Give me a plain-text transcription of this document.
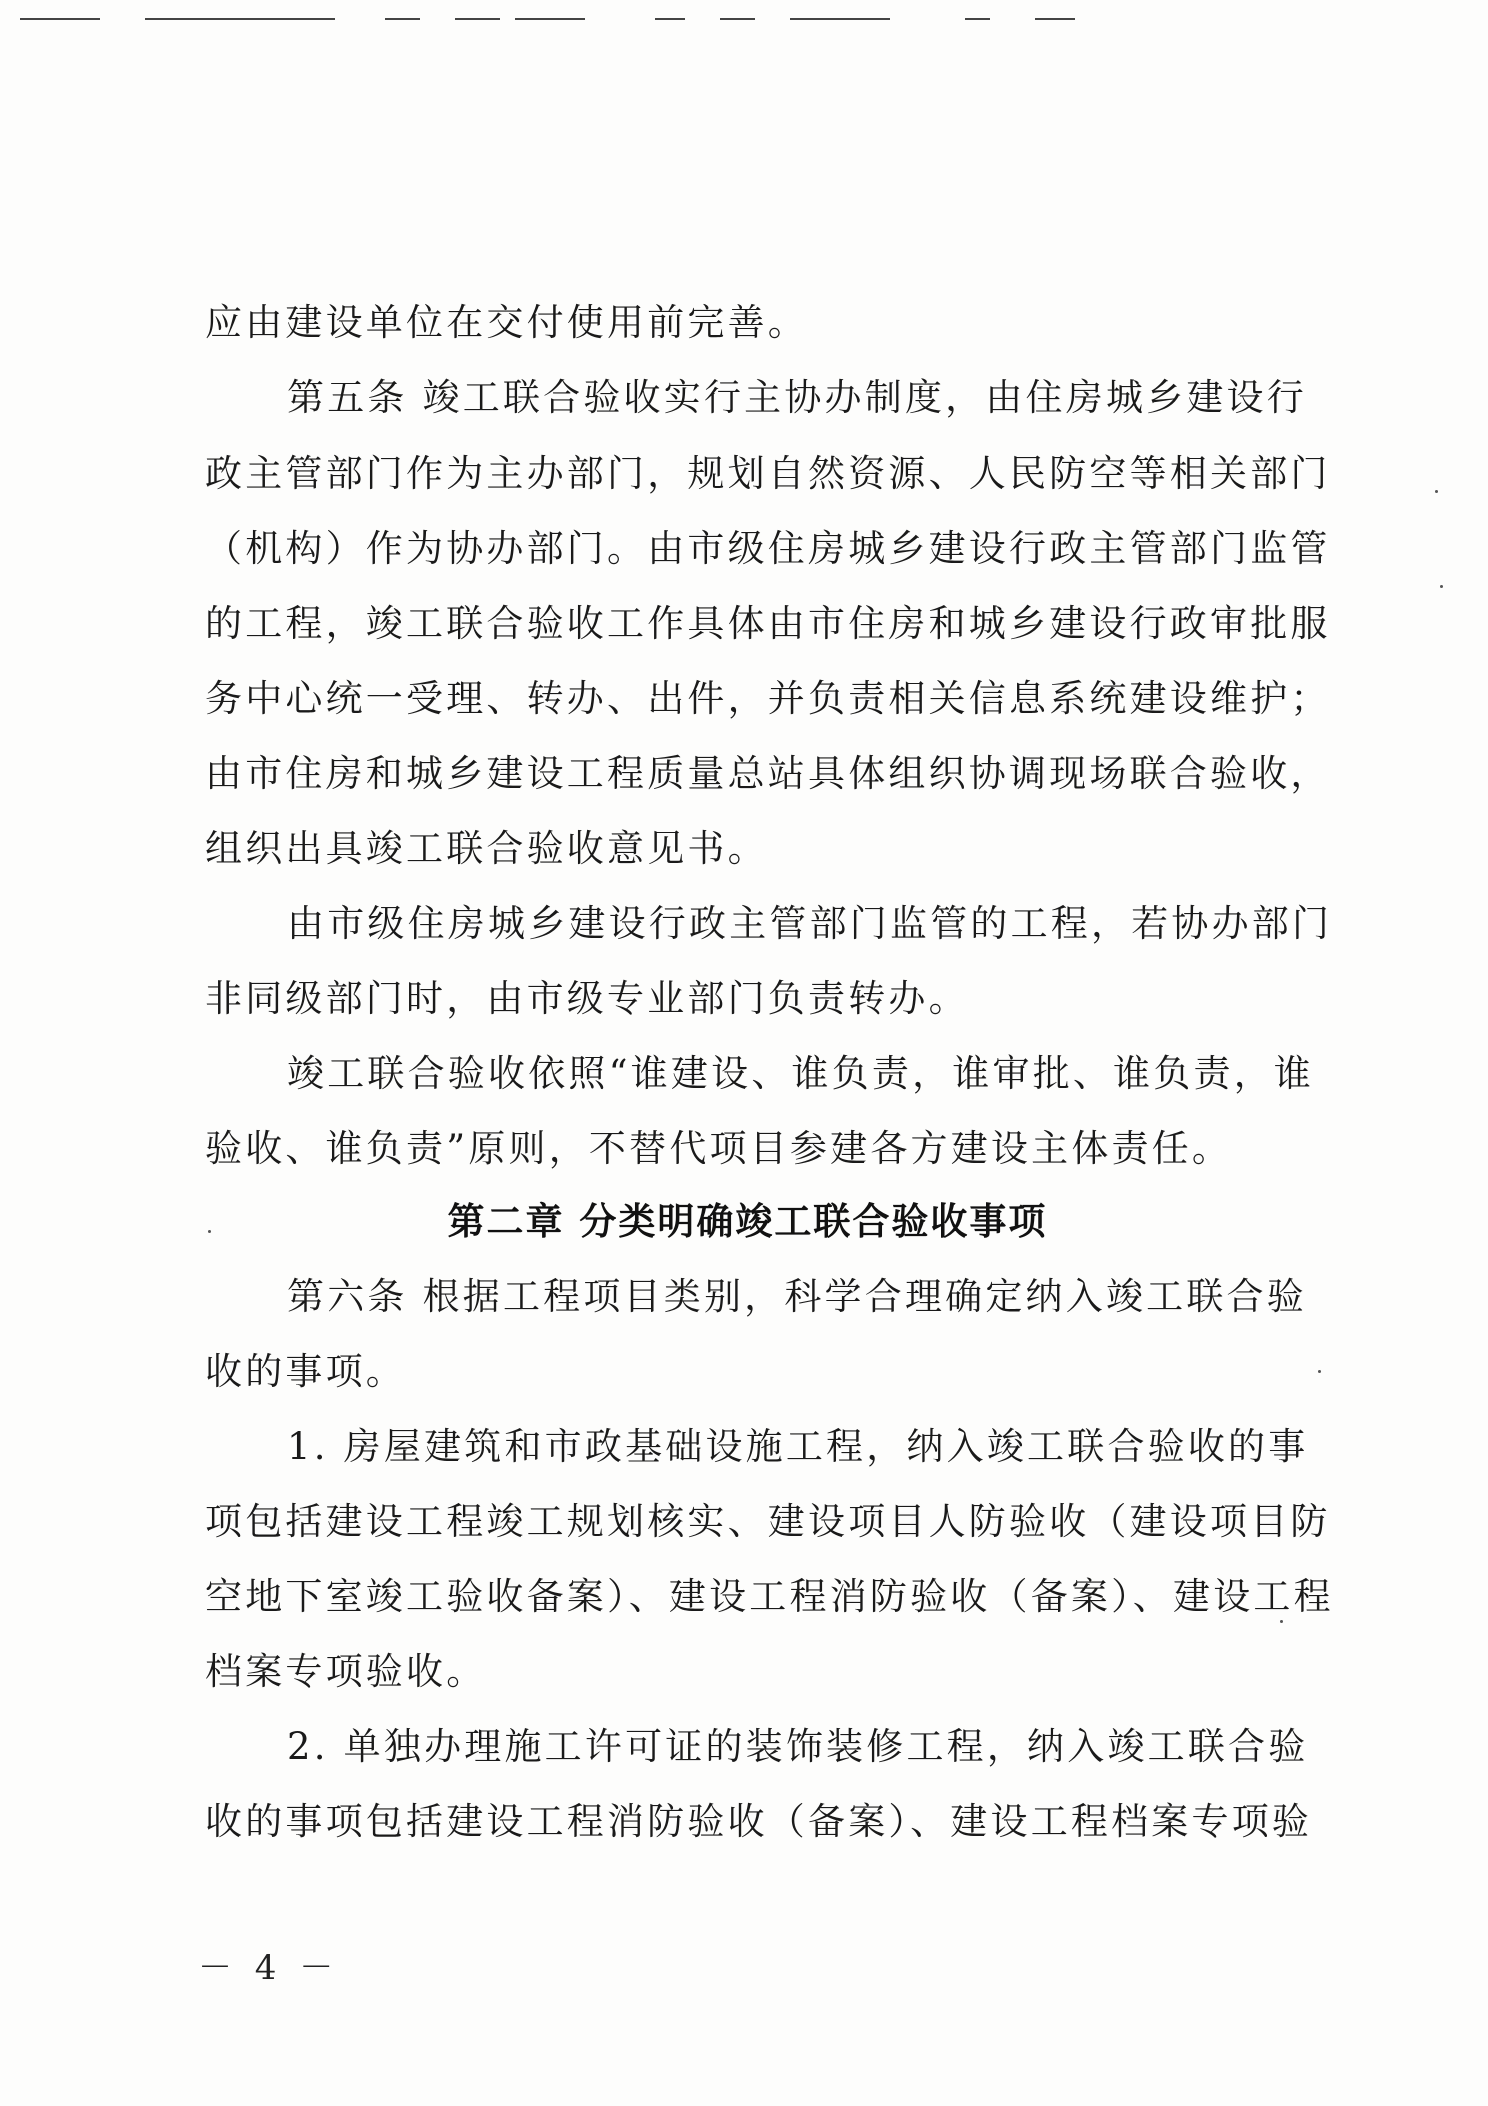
应由建设单位在交付使用前完善。
第五条 竣工联合验收实行主协办制度，由住房城乡建设行
政主管部门作为主办部门，规划自然资源、人民防空等相关部门
（机构）作为协办部门。由市级住房城乡建设行政主管部门监管
的工程，竣工联合验收工作具体由市住房和城乡建设行政审批服
务中心统一受理、转办、出件，并负责相关信息系统建设维护；
由市住房和城乡建设工程质量总站具体组织协调现场联合验收，
组织出具竣工联合验收意见书。
由市级住房城乡建设行政主管部门监管的工程，若协办部门
非同级部门时，由市级专业部门负责转办。
竣工联合验收依照“谁建设、谁负责，谁审批、谁负责，谁
验收、谁负责”原则，不替代项目参建各方建设主体责任。
第二章 分类明确竣工联合验收事项
第六条 根据工程项目类别，科学合理确定纳入竣工联合验
收的事项。
1. 房屋建筑和市政基础设施工程，纳入竣工联合验收的事
项包括建设工程竣工规划核实、建设项目人防验收（建设项目防
空地下室竣工验收备案）、建设工程消防验收（备案）、建设工程
档案专项验收。
2. 单独办理施工许可证的装饰装修工程，纳入竣工联合验
收的事项包括建设工程消防验收（备案）、建设工程档案专项验
－ 4 －
